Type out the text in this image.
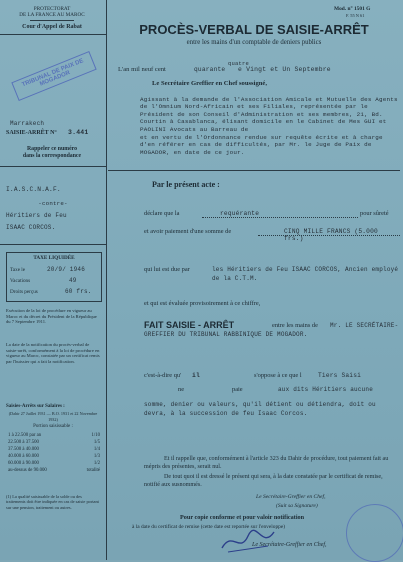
PROTECTORAT
DE LA FRANCE AU MAROC
Cour d'Appel de Rabat
TRIBUNAL DE PAIX DE MOGADOR
Marrakech
SAISIE-ARRÊT N° 3.441
Rappeler ce numéro
dans la correspondance
I.A.S.C.N.A.F.
-contre-
Héritiers de Feu
ISAAC CORCOS.
TAXE LIQUIDÉE
Taxe le	20/9/ 1946
Vacations	49
Droits perçus	60 frs.
Exécution de la loi de procédure en vigueur au Maroc et du décret du Président de la République du 7 Septembre 1911.
La date de la notification du procès-verbal de saisie-arrêt, conformément à la loi de procédure en vigueur au Maroc, constatée par un certificat remis par l'huissier qui a fait la notification.
Saisies-Arrêts sur Salaires :
(Dahir 27 Juillet 1931 — B.O. 1931 et 22 Novembre 1932)
Portion saisissable :
1 à 22.500 par an	1/10
22.500 à 37.500	1/5
37.500 à 40.000	1/4
40.000 à 60.000	1/3
60.000 à 90.000	1/2
au-dessus de 90.000	totalité
(1) La qualité saisissable de la solde ou des traitements doit être indiquée en cas de saisie portant sur une pension, traitement ou autres.
Mod. n° 1501 G
F. 55 N 61
PROCÈS-VERBAL DE SAISIE-ARRÊT
entre les mains d'un comptable de deniers publics
L'an mil neuf cent	quarante
quatre
e Vingt et Un Septembre
Le Secrétaire Greffier en Chef soussigné,
Agissant à la demande de l'Association Amicale et Mutuelle des Agents de l'Omnium Nord-Africain et ses Filiales, représentée par le Président de son Conseil d'Administration et ses membres, 21, Bd. Courtin à Casablanca, élisant domicile en le Cabinet de Mes GUI et PAOLINI Avocats au Barreau de
et en vertu de l'Ordonnance rendue sur requête écrite et à charge d'en référer en cas de difficultés, par Mr. le Juge de Paix de MOGADOR, en date de ce jour.
Par le présent acte :
déclare que la	requérante	pour sûreté
et avoir paiement d'une somme de	CINQ MILLE FRANCS (5.000 frs.)
qui lui est due par	les Héritiers de Feu ISAAC CORCOS, Ancien employé de la C.T.M.
et qui est évaluée provisoirement à ce chiffre,
FAIT SAISIE - ARRÊT	entre les mains de	Mr. LE SECRÉTAIRE-GREFFIER DU TRIBUNAL RABBINIQUE DE MOGADOR.
c'est-à-dire qu' il	s'oppose à ce que l	Tiers Saisi
ne	paie	aux dits Héritiers aucune
somme, denier ou valeurs, qu'il détient ou détiendra, doit ou devra, à la succession de feu Isaac Corcos.
Et il rappelle que, conformément à l'article 323 du Dahir de procédure, tout paiement fait au mépris des présentes, serait nul.
De tout quoi il est dressé le présent qui sera, à la date constatée par le certificat de remise, notifié aux susnommés.
Le Secrétaire-Greffier en Chef,
(Suit sa Signature)
Pour copie conforme et pour valoir notification
à la date du certificat de remise (cette date est reportée sur l'enveloppe)
Le Secrétaire-Greffier en Chef,
